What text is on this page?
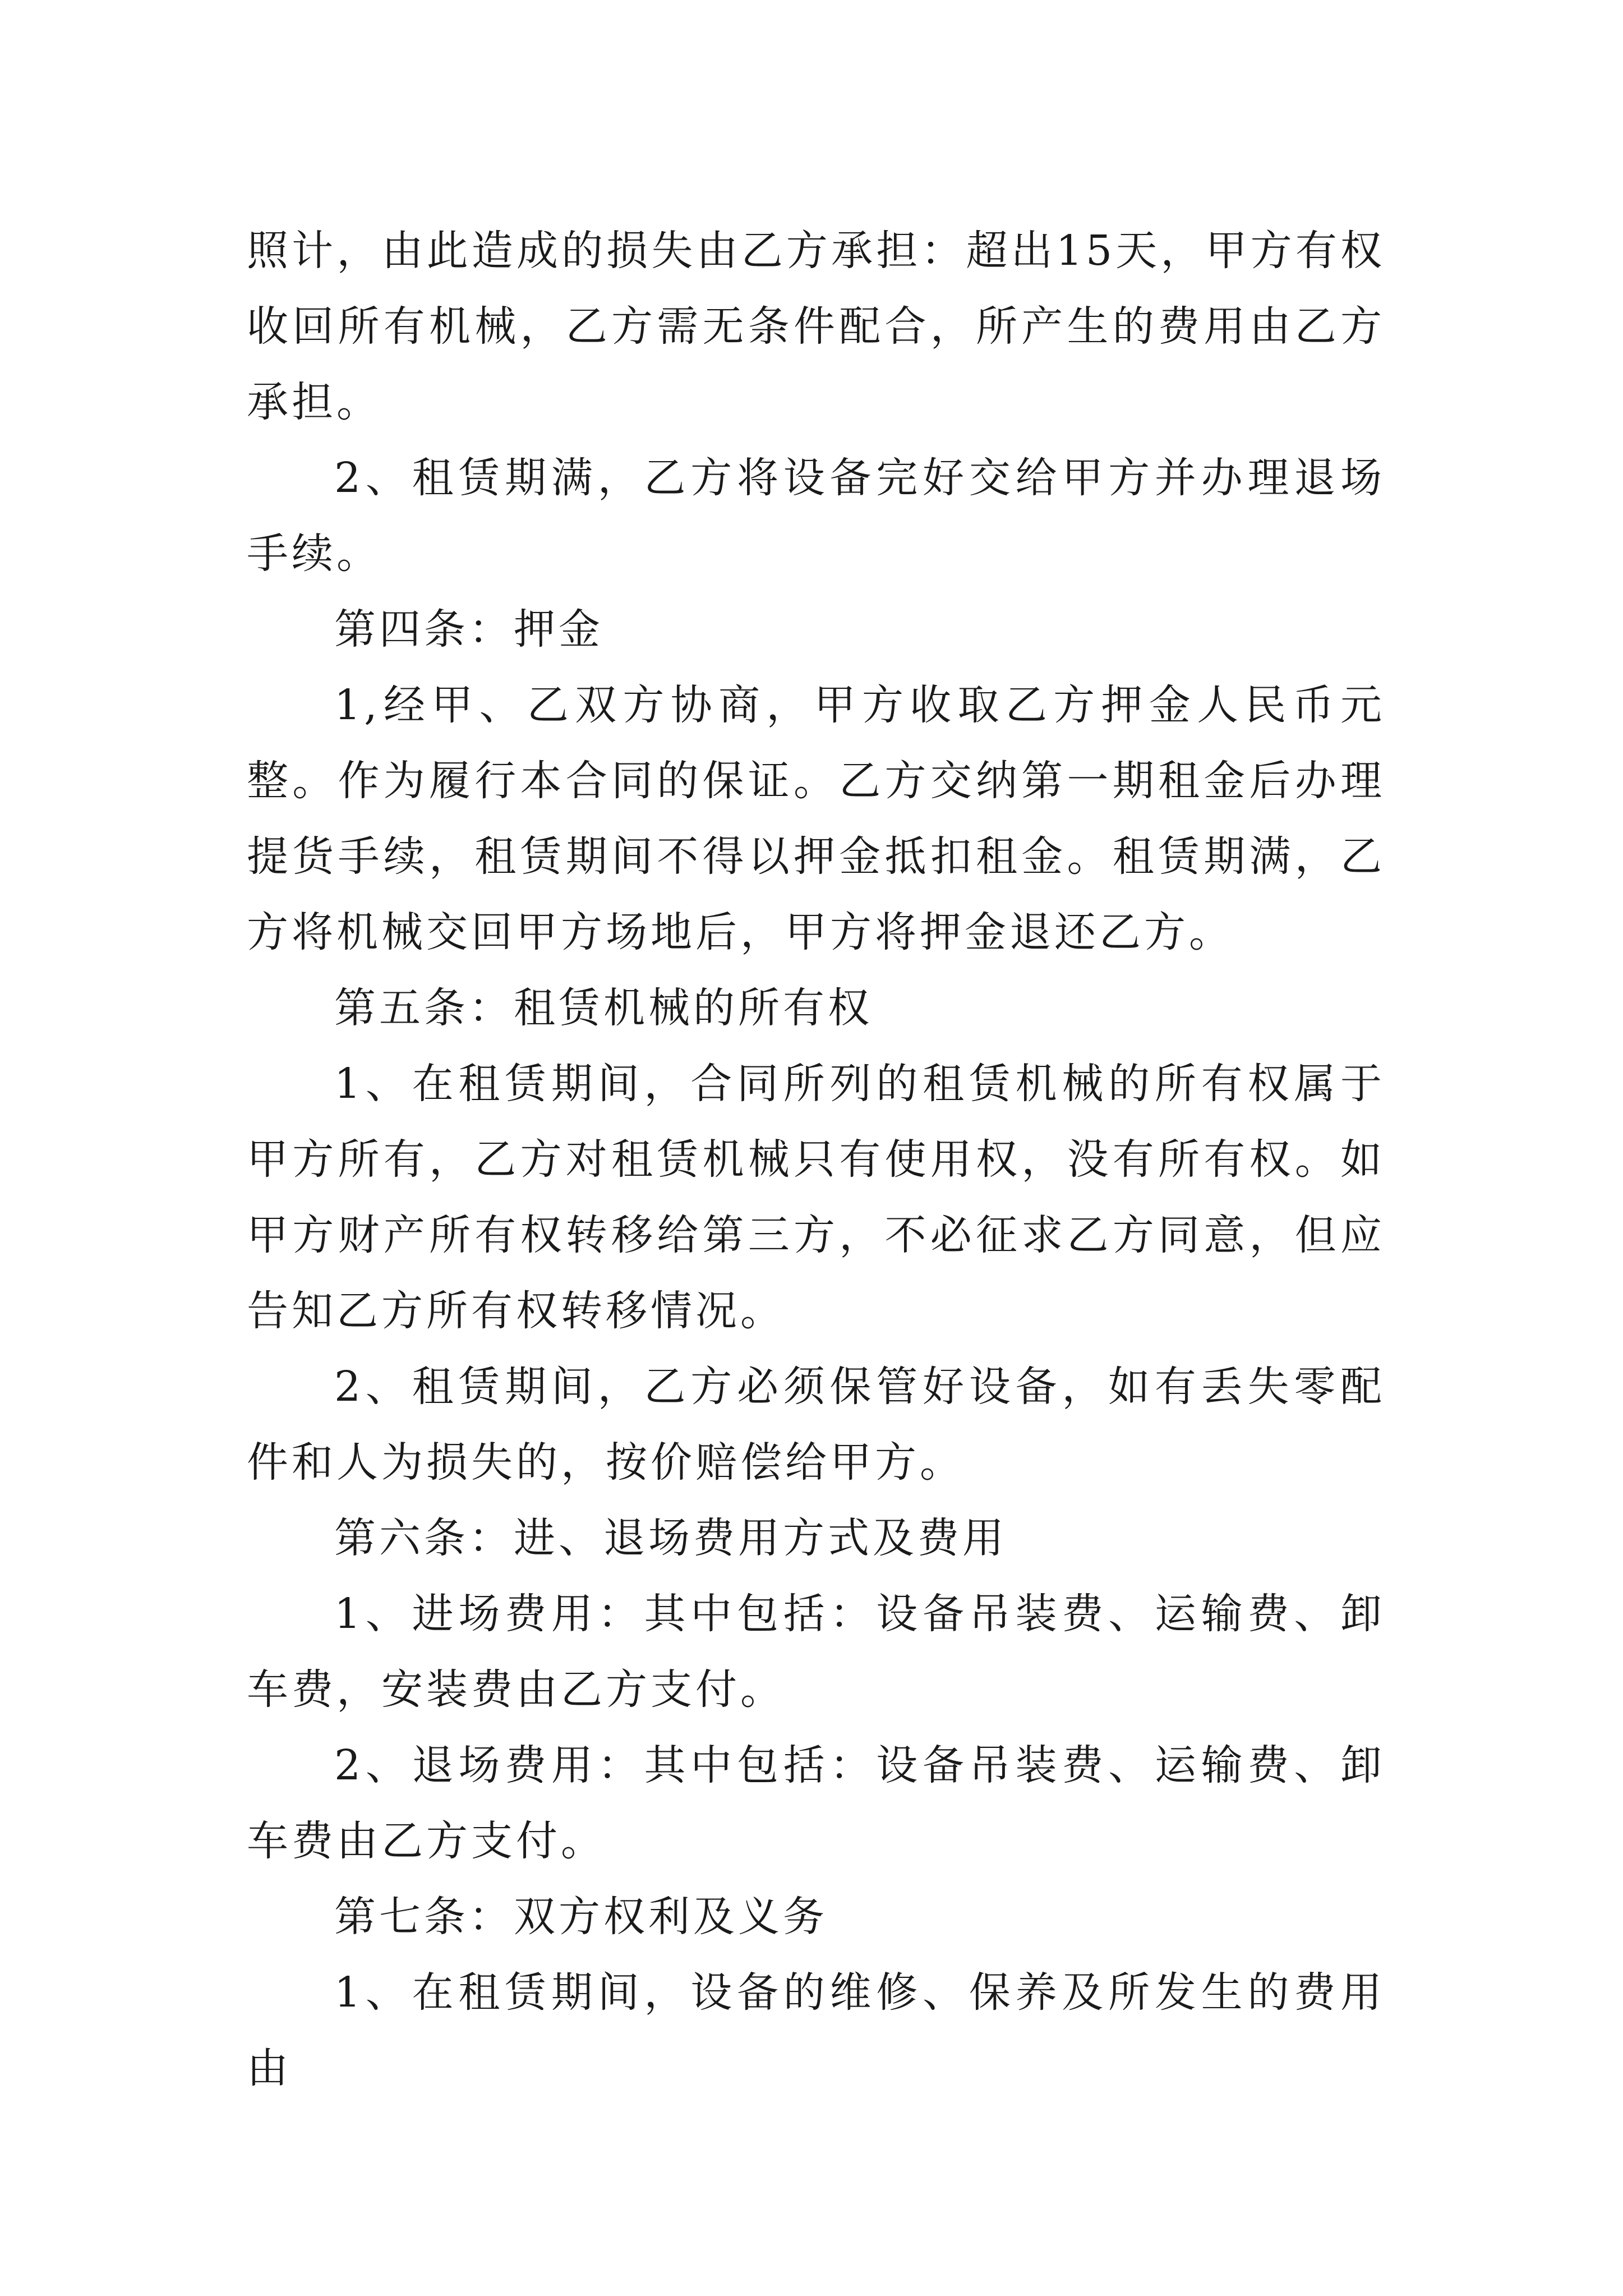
照计，由此造成的损失由乙方承担：超出15天，甲方有权收回所有机械，乙方需无条件配合，所产生的费用由乙方承担。

2、租赁期满，乙方将设备完好交给甲方并办理退场手续。

第四条：押金

1,经甲、乙双方协商，甲方收取乙方押金人民币元整。作为履行本合同的保证。乙方交纳第一期租金后办理提货手续，租赁期间不得以押金抵扣租金。租赁期满，乙方将机械交回甲方场地后，甲方将押金退还乙方。

第五条：租赁机械的所有权

1、在租赁期间，合同所列的租赁机械的所有权属于甲方所有，乙方对租赁机械只有使用权，没有所有权。如甲方财产所有权转移给第三方，不必征求乙方同意，但应告知乙方所有权转移情况。

2、租赁期间，乙方必须保管好设备，如有丢失零配件和人为损失的，按价赔偿给甲方。

第六条：进、退场费用方式及费用

1、进场费用：其中包括：设备吊装费、运输费、卸车费，安装费由乙方支付。

2、退场费用：其中包括：设备吊装费、运输费、卸车费由乙方支付。

第七条：双方权利及义务

1、在租赁期间，设备的维修、保养及所发生的费用由
